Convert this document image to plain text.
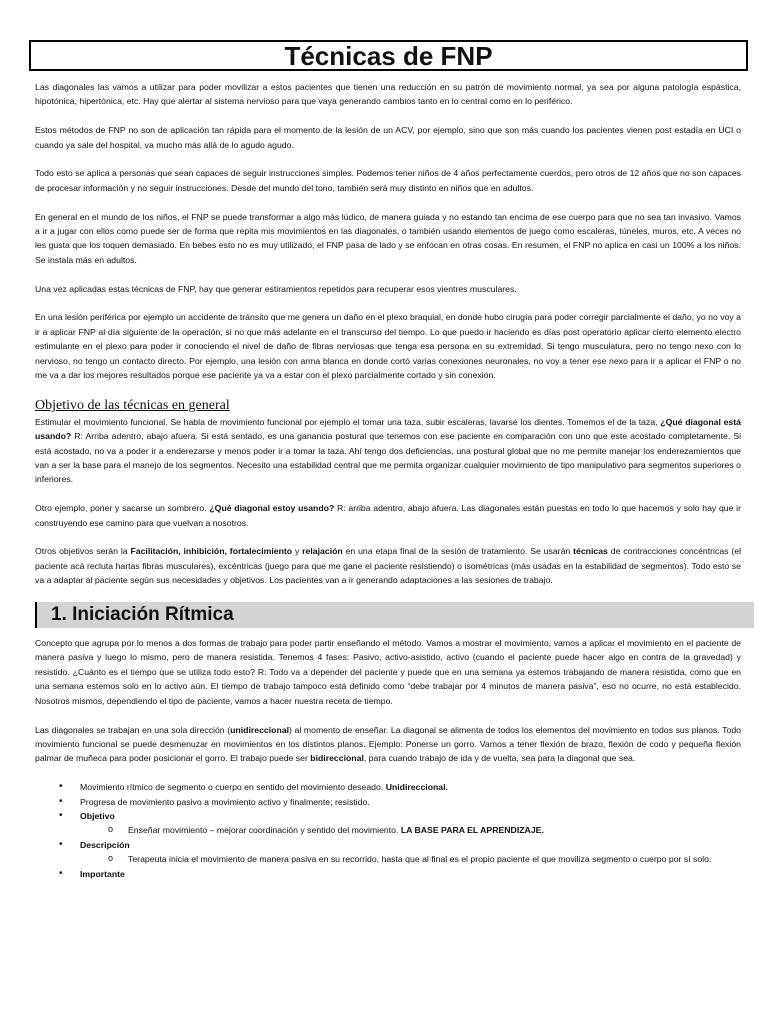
Técnicas de FNP

Las diagonales las vamos a utilizar para poder movilizar a estos pacientes que tienen una reducción en su patrón de movimiento normal, ya sea por alguna patología espástica, hipotónica, hipertónica, etc. Hay que alertar al sistema nervioso para que vaya generando cambios tanto en lo central como en lo periférico.

Estos métodos de FNP no son de aplicación tan rápida para el momento de la lesión de un ACV, por ejemplo, sino que son más cuando los pacientes vienen post estadía en UCI o cuando ya sale del hospital, va mucho más allá de lo agudo agudo.

Todo esto se aplica a personas que sean capaces de seguir instrucciones simples. Podemos tener niños de 4 años perfectamente cuerdos, pero otros de 12 años que no son capaces de procesar información y no seguir instrucciones. Desde del mundo del tono, también será muy distinto en niños que en adultos.

En general en el mundo de los niños, el FNP se puede transformar a algo más lúdico, de manera guiada y no estando tan encima de ese cuerpo para que no sea tan invasivo. Vamos a ir a jugar con ellos como puede ser de forma que repita mis movimientos en las diagonales, o también usando elementos de juego como escaleras, túneles, muros, etc. A veces no les gusta que los toquen demasiado. En bebes esto no es muy utilizado, el FNP pasa de lado y se enfocan en otras cosas. En resumen, el FNP no aplica en casi un 100% a los niños. Se instala más en adultos.

Una vez aplicadas estas técnicas de FNP, hay que generar estiramientos repetidos para recuperar esos vientres musculares.

En una lesión periférica por ejemplo un accidente de tránsito que me genera un daño en el plexo braquial, en donde hubo cirugía para poder corregir parcialmente el daño, yo no voy a ir a aplicar FNP al día siguiente de la operación, si no que más adelante en el transcurso del tiempo. Lo que puedo ir haciendo es días post operatorio aplicar cierto elemento electro estimulante en el plexo para poder ir conociendo el nivel de daño de fibras nerviosas que tenga esa persona en su extremidad. Si tengo musculatura, pero no tengo nexo con lo nervioso, no tengo un contacto directo. Por ejemplo, una lesión con arma blanca en donde cortó varias conexiones neuronales, no voy a tener ese nexo para ir a aplicar el FNP o no me va a dar los mejores resultados porque ese paciente ya va a estar con el plexo parcialmente cortado y sin conexión.

Objetivo de las técnicas en general

Estimular el movimiento funcional. Se habla de movimiento funcional por ejemplo el tomar una taza, subir escaleras, lavarse los dientes. Tomemos el de la taza, ¿Qué diagonal está usando? R: Arriba adentro, abajo afuera. Si está sentado, es una ganancia postural que tenemos con ese paciente en comparación con uno que este acostado completamente. Si está acostado, no va a poder ir a enderezarse y menos poder ir a tomar la taza. Ahí tengo dos deficiencias, una postural global que no me permite manejar los enderezamientos que van a ser la base para el manejo de los segmentos. Necesito una estabilidad central que me permita organizar cualquier movimiento de tipo manipulativo para segmentos superiores o inferiores.

Otro ejemplo, poner y sacarse un sombrero. ¿Qué diagonal estoy usando? R: arriba adentro, abajo afuera. Las diagonales están puestas en todo lo que hacemos y solo hay que ir construyendo ese camino para que vuelvan a nosotros.

Otros objetivos serán la Facilitación, inhibición, fortalecimiento y relajación en una etapa final de la sesión de tratamiento. Se usarán técnicas de contracciones concéntricas (el paciente acá recluta hartas fibras musculares), excéntricas (juego para que me gane el paciente resistiendo) o isométricas (más usadas en la estabilidad de segmentos). Todo esto se va a adaptar al paciente según sus necesidades y objetivos. Los pacientes van a ir generando adaptaciones a las sesiones de trabajo.

1. Iniciación Rítmica

Concepto que agrupa por lo menos a dos formas de trabajo para poder partir enseñando el método. Vamos a mostrar el movimiento, vamos a aplicar el movimiento en el paciente de manera pasiva y luego lo mismo, pero de manera resistida. Tenemos 4 fases: Pasivo, activo-asistido, activo (cuando el paciente puede hacer algo en contra de la gravedad) y resistido. ¿Cuánto es el tiempo que se utiliza todo esto? R: Todo va a depender del paciente y puede que en una semana ya estemos trabajando de manera resistida, como que en una semana estemos solo en lo activo aún. El tiempo de trabajo tampoco está definido como “debe trabajar por 4 minutos de manera pasiva”, eso no ocurre, no está establecido. Nosotros mismos, dependiendo el tipo de paciente, vamos a hacer nuestra receta de tiempo.

Las diagonales se trabajan en una sola dirección (unidireccional) al momento de enseñar. La diagonal se alimenta de todos los elementos del movimiento en todos sus planos. Todo movimiento funcional se puede desmenuzar en movimientos en los distintos planos. Ejemplo: Ponerse un gorro. Vamos a tener flexión de brazo, flexión de codo y pequeña flexión palmar de muñeca para poder posicionar el gorro. El trabajo puede ser bidireccional, para cuando trabajo de ida y de vuelta, sea para la diagonal que sea.

• Movimiento rítmico de segmento o cuerpo en sentido del movimiento deseado. Unidireccional.
• Progresa de movimiento pasivo a movimiento activo y finalmente; resistido.
• Objetivo
o Enseñar movimiento – mejorar coordinación y sentido del movimiento. LA BASE PARA EL APRENDIZAJE.
• Descripción
o Terapeuta inicia el movimiento de manera pasiva en su recorrido, hasta que al final es el propio paciente el que moviliza segmento o cuerpo por sí solo.
• Importante
